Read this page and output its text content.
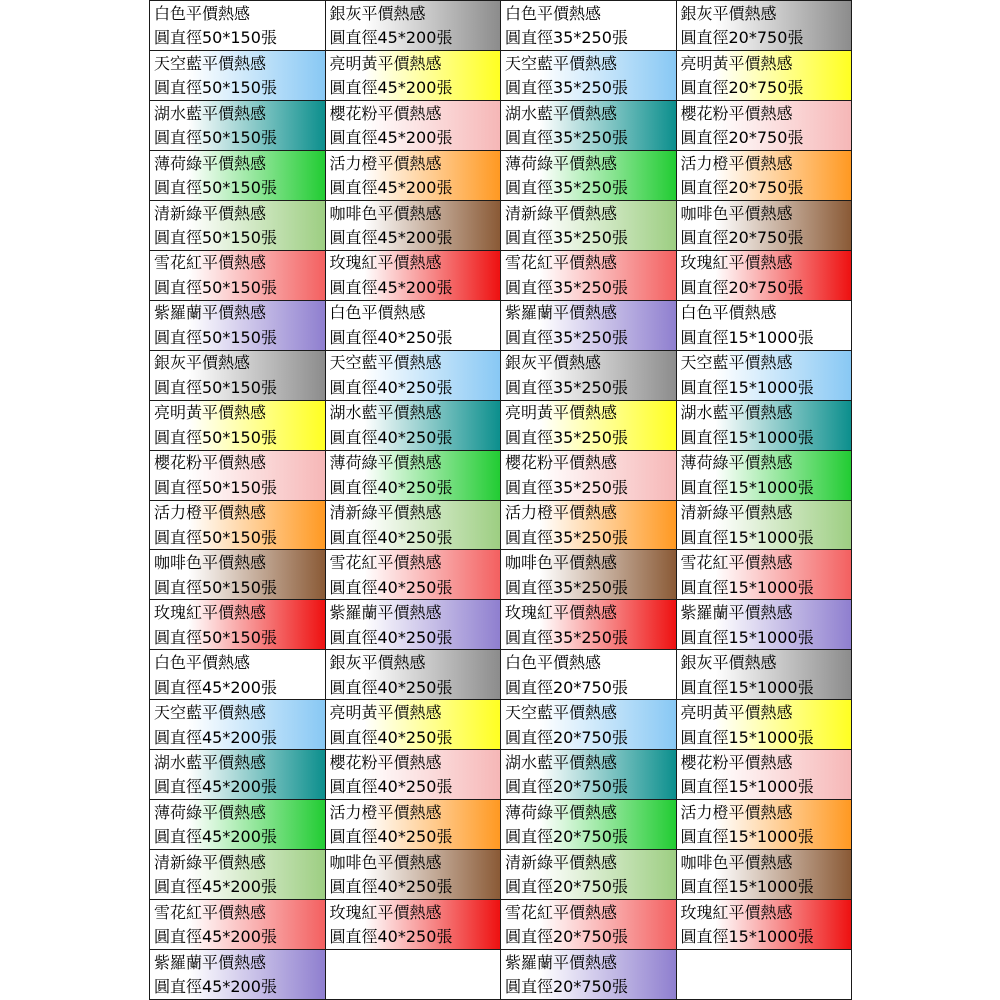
白色平價熱感
圓直徑50*150張
銀灰平價熱感
圓直徑45*200張
白色平價熱感
圓直徑35*250張
銀灰平價熱感
圓直徑20*750張
天空藍平價熱感
圓直徑50*150張
亮明黃平價熱感
圓直徑45*200張
天空藍平價熱感
圓直徑35*250張
亮明黃平價熱感
圓直徑20*750張
湖水藍平價熱感
圓直徑50*150張
櫻花粉平價熱感
圓直徑45*200張
湖水藍平價熱感
圓直徑35*250張
櫻花粉平價熱感
圓直徑20*750張
薄荷綠平價熱感
圓直徑50*150張
活力橙平價熱感
圓直徑45*200張
薄荷綠平價熱感
圓直徑35*250張
活力橙平價熱感
圓直徑20*750張
清新綠平價熱感
圓直徑50*150張
咖啡色平價熱感
圓直徑45*200張
清新綠平價熱感
圓直徑35*250張
咖啡色平價熱感
圓直徑20*750張
雪花紅平價熱感
圓直徑50*150張
玫瑰紅平價熱感
圓直徑45*200張
雪花紅平價熱感
圓直徑35*250張
玫瑰紅平價熱感
圓直徑20*750張
紫羅蘭平價熱感
圓直徑50*150張
白色平價熱感
圓直徑40*250張
紫羅蘭平價熱感
圓直徑35*250張
白色平價熱感
圓直徑15*1000張
銀灰平價熱感
圓直徑50*150張
天空藍平價熱感
圓直徑40*250張
銀灰平價熱感
圓直徑35*250張
天空藍平價熱感
圓直徑15*1000張
亮明黃平價熱感
圓直徑50*150張
湖水藍平價熱感
圓直徑40*250張
亮明黃平價熱感
圓直徑35*250張
湖水藍平價熱感
圓直徑15*1000張
櫻花粉平價熱感
圓直徑50*150張
薄荷綠平價熱感
圓直徑40*250張
櫻花粉平價熱感
圓直徑35*250張
薄荷綠平價熱感
圓直徑15*1000張
活力橙平價熱感
圓直徑50*150張
清新綠平價熱感
圓直徑40*250張
活力橙平價熱感
圓直徑35*250張
清新綠平價熱感
圓直徑15*1000張
咖啡色平價熱感
圓直徑50*150張
雪花紅平價熱感
圓直徑40*250張
咖啡色平價熱感
圓直徑35*250張
雪花紅平價熱感
圓直徑15*1000張
玫瑰紅平價熱感
圓直徑50*150張
紫羅蘭平價熱感
圓直徑40*250張
玫瑰紅平價熱感
圓直徑35*250張
紫羅蘭平價熱感
圓直徑15*1000張
白色平價熱感
圓直徑45*200張
銀灰平價熱感
圓直徑40*250張
白色平價熱感
圓直徑20*750張
銀灰平價熱感
圓直徑15*1000張
天空藍平價熱感
圓直徑45*200張
亮明黃平價熱感
圓直徑40*250張
天空藍平價熱感
圓直徑20*750張
亮明黃平價熱感
圓直徑15*1000張
湖水藍平價熱感
圓直徑45*200張
櫻花粉平價熱感
圓直徑40*250張
湖水藍平價熱感
圓直徑20*750張
櫻花粉平價熱感
圓直徑15*1000張
薄荷綠平價熱感
圓直徑45*200張
活力橙平價熱感
圓直徑40*250張
薄荷綠平價熱感
圓直徑20*750張
活力橙平價熱感
圓直徑15*1000張
清新綠平價熱感
圓直徑45*200張
咖啡色平價熱感
圓直徑40*250張
清新綠平價熱感
圓直徑20*750張
咖啡色平價熱感
圓直徑15*1000張
雪花紅平價熱感
圓直徑45*200張
玫瑰紅平價熱感
圓直徑40*250張
雪花紅平價熱感
圓直徑20*750張
玫瑰紅平價熱感
圓直徑15*1000張
紫羅蘭平價熱感
圓直徑45*200張
紫羅蘭平價熱感
圓直徑20*750張
